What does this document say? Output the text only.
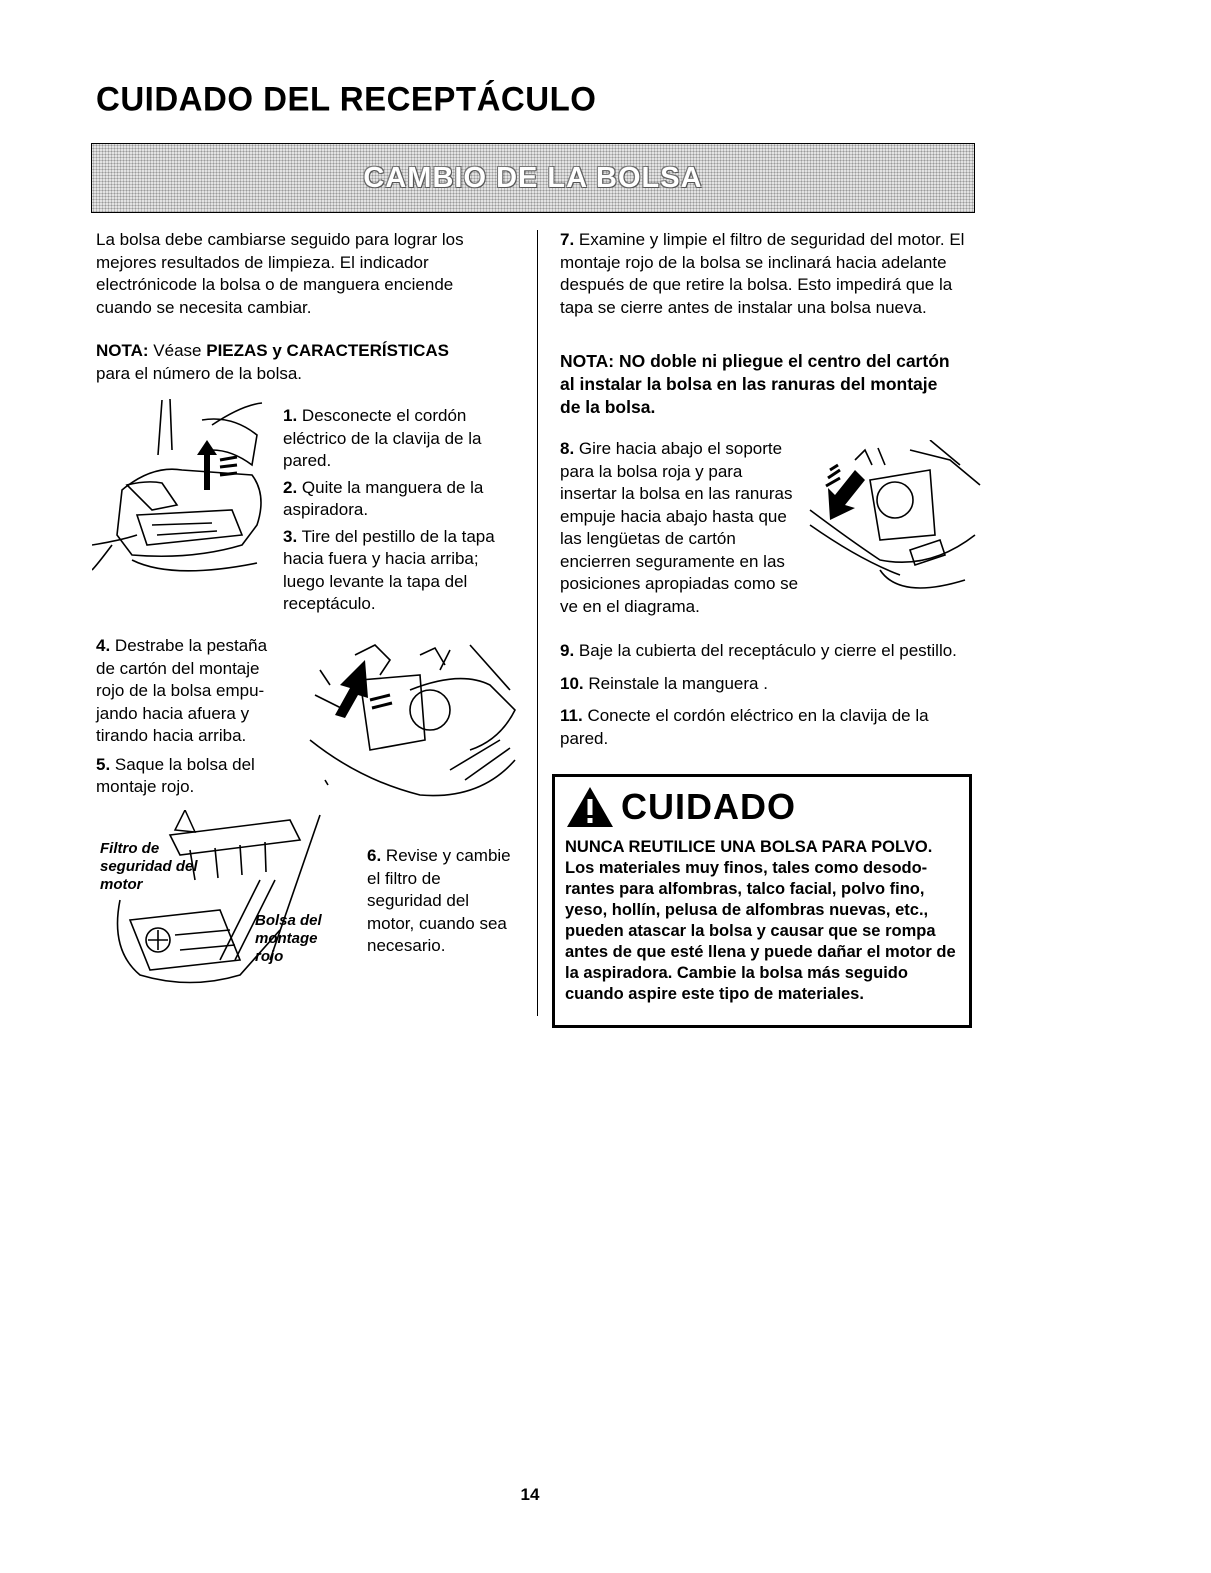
CUIDADO DEL RECEPTÁCULO
CAMBIO DE LA BOLSA

La bolsa debe cambiarse seguido para lograr los mejores resultados de limpieza. El indicador electrónicode la bolsa o de manguera enciende cuando se necesita cambiar.

NOTA: Véase PIEZAS y CARACTERÍSTICAS
para el número de la bolsa.

1. Desconecte el cordón eléctrico de la clavija de la pared.

2. Quite la manguera de la aspiradora.

3. Tire del pestillo de la tapa hacia fuera y hacia arriba; luego levante la tapa del receptáculo.

4. Destrabe la pestaña de cartón del montaje rojo de la bolsa empu-jando hacia afuera y tirando hacia arriba.

5. Saque la bolsa del montaje rojo.

Filtro de seguridad del motor
Bolsa del montage rojo

6. Revise y cambie el filtro de seguridad del motor, cuando sea necesario.

7. Examine y limpie el filtro de seguridad del motor. El montaje rojo de la bolsa se inclinará hacia adelante después de que retire la bolsa. Esto impedirá que la tapa se cierre antes de instalar una bolsa nueva.

NOTA: NO doble ni pliegue el centro del cartón al instalar la bolsa en las ranuras del montaje de la bolsa.

8. Gire hacia abajo el soporte para la bolsa roja y para insertar la bolsa en las ranuras empuje hacia abajo hasta que las lengüetas de cartón encierren seguramente en las posiciones apropiadas como se ve en el diagrama.

9. Baje la cubierta del receptáculo y cierre el pestillo.

10. Reinstale la manguera .

11. Conecte el cordón eléctrico en la clavija de la pared.

CUIDADO

NUNCA REUTILICE UNA BOLSA PARA POLVO. Los materiales muy finos, tales como desodo-rantes para alfombras, talco facial, polvo fino, yeso, hollín, pelusa de alfombras nuevas, etc., pueden atascar la bolsa y causar que se rompa antes de que esté llena y puede dañar el motor de la aspiradora. Cambie la bolsa más seguido cuando aspire este tipo de materiales.

14
